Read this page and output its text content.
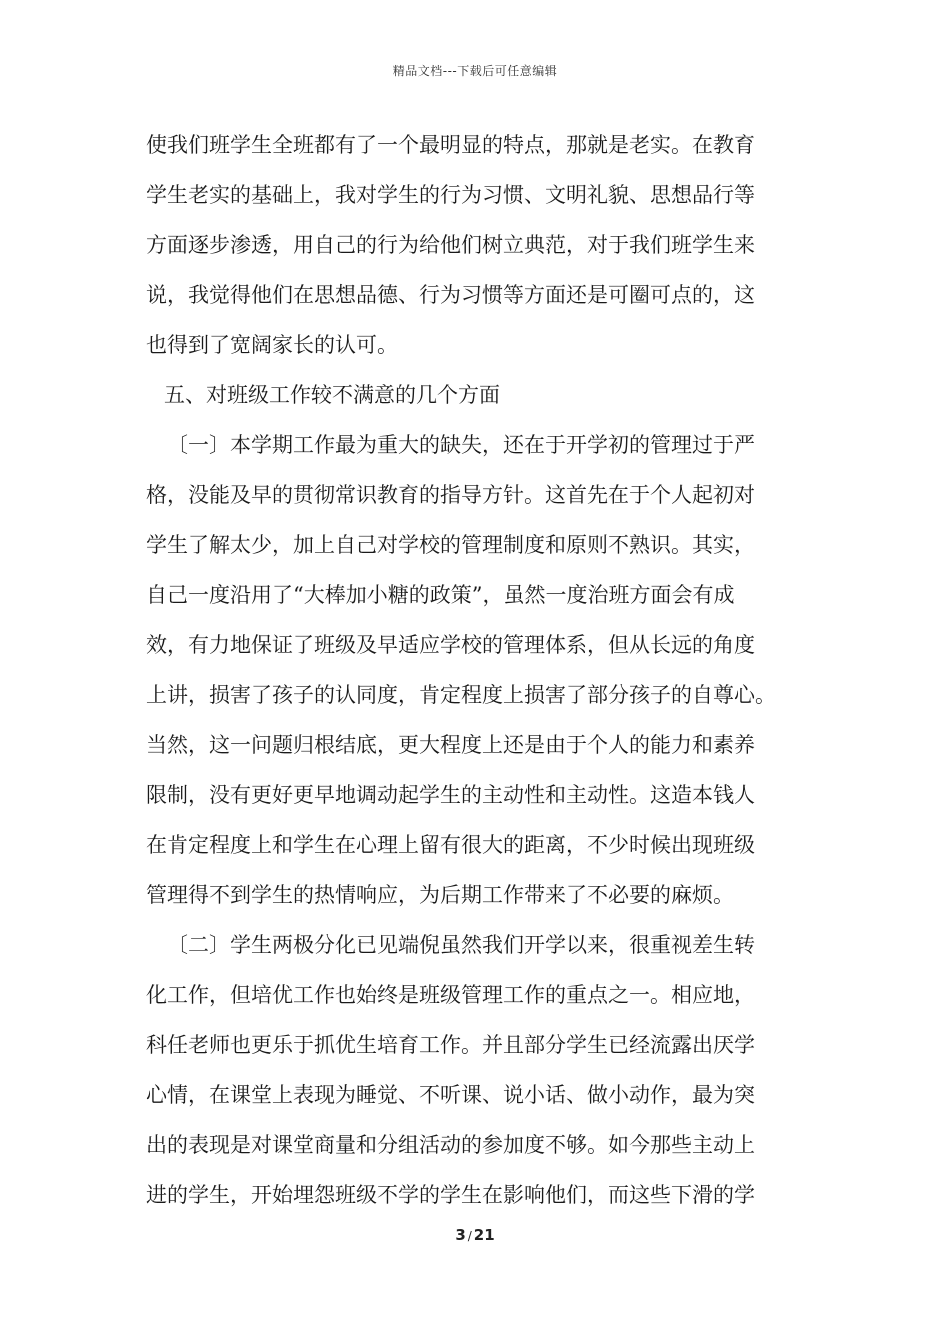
精品文档---下载后可任意编辑
使我们班学生全班都有了一个最明显的特点，那就是老实。在教育
学生老实的基础上，我对学生的行为习惯、文明礼貌、思想品行等
方面逐步渗透，用自己的行为给他们树立典范，对于我们班学生来
说，我觉得他们在思想品德、行为习惯等方面还是可圈可点的，这
也得到了宽阔家长的认可。
五、对班级工作较不满意的几个方面
〔一〕本学期工作最为重大的缺失，还在于开学初的管理过于严
格，没能及早的贯彻常识教育的指导方针。这首先在于个人起初对
学生了解太少，加上自己对学校的管理制度和原则不熟识。其实，
自己一度沿用了“大棒加小糖的政策”，虽然一度治班方面会有成
效，有力地保证了班级及早适应学校的管理体系，但从长远的角度
上讲，损害了孩子的认同度，肯定程度上损害了部分孩子的自尊心。
当然，这一问题归根结底，更大程度上还是由于个人的能力和素养
限制，没有更好更早地调动起学生的主动性和主动性。这造本钱人
在肯定程度上和学生在心理上留有很大的距离，不少时候出现班级
管理得不到学生的热情响应，为后期工作带来了不必要的麻烦。
〔二〕学生两极分化已见端倪虽然我们开学以来，很重视差生转
化工作，但培优工作也始终是班级管理工作的重点之一。相应地，
科任老师也更乐于抓优生培育工作。并且部分学生已经流露出厌学
心情，在课堂上表现为睡觉、不听课、说小话、做小动作，最为突
出的表现是对课堂商量和分组活动的参加度不够。如今那些主动上
进的学生，开始埋怨班级不学的学生在影响他们，而这些下滑的学
3 / 21
